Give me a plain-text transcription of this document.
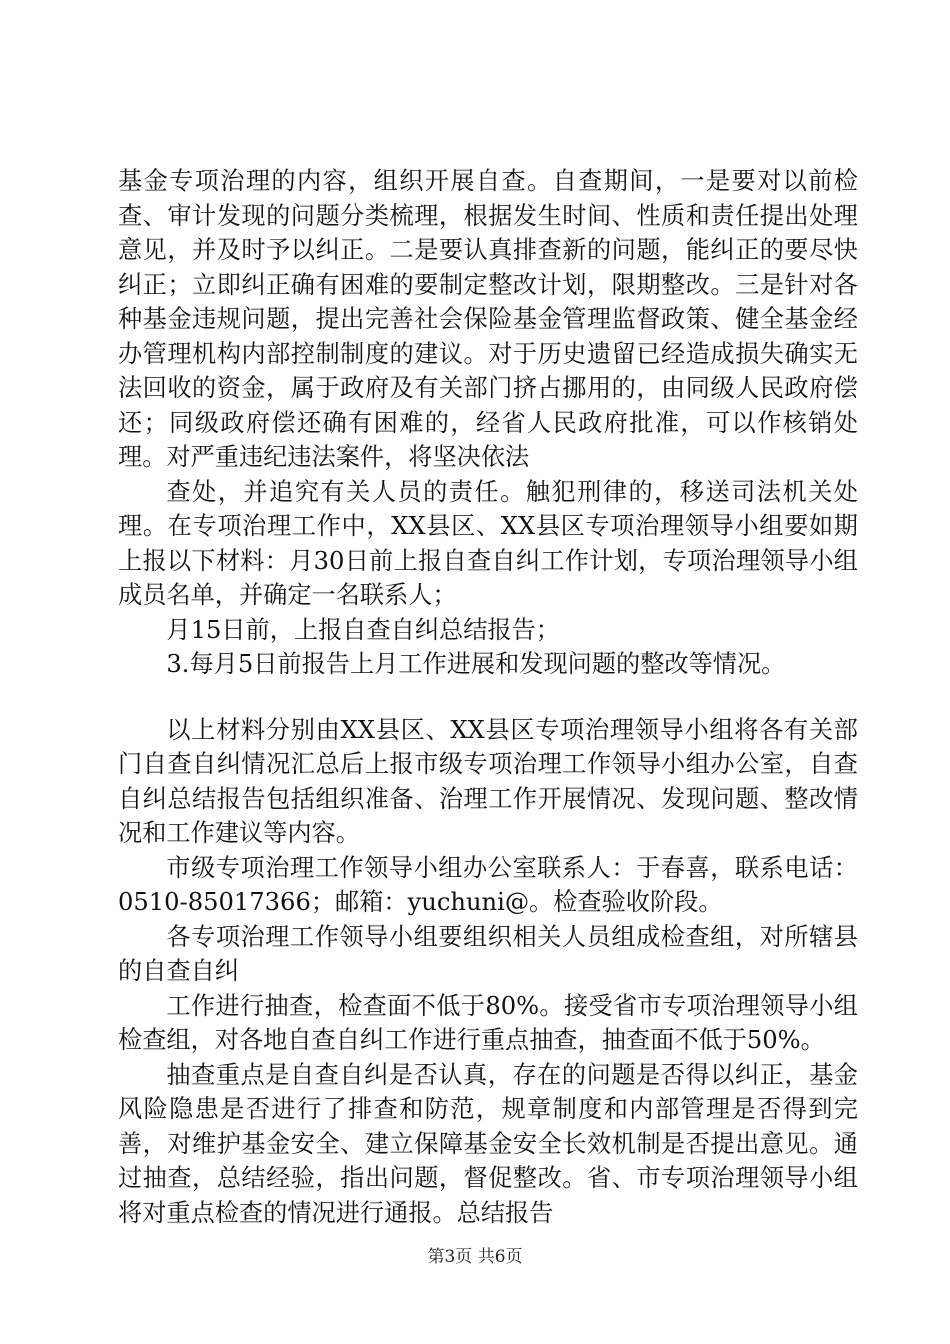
基金专项治理的内容，组织开展自查。自查期间，一是要对以前检查、审计发现的问题分类梳理，根据发生时间、性质和责任提出处理意见，并及时予以纠正。二是要认真排查新的问题，能纠正的要尽快纠正；立即纠正确有困难的要制定整改计划，限期整改。三是针对各种基金违规问题，提出完善社会保险基金管理监督政策、健全基金经办管理机构内部控制制度的建议。对于历史遗留已经造成损失确实无法回收的资金，属于政府及有关部门挤占挪用的，由同级人民政府偿还；同级政府偿还确有困难的，经省人民政府批准，可以作核销处理。对严重违纪违法案件，将坚决依法

查处，并追究有关人员的责任。触犯刑律的，移送司法机关处理。在专项治理工作中，XX县区、XX县区专项治理领导小组要如期上报以下材料：月30日前上报自查自纠工作计划，专项治理领导小组成员名单，并确定一名联系人；

月15日前，上报自查自纠总结报告；

3.每月5日前报告上月工作进展和发现问题的整改等情况。

以上材料分别由XX县区、XX县区专项治理领导小组将各有关部门自查自纠情况汇总后上报市级专项治理工作领导小组办公室，自查自纠总结报告包括组织准备、治理工作开展情况、发现问题、整改情况和工作建议等内容。

市级专项治理工作领导小组办公室联系人：于春喜，联系电话：0510-85017366；邮箱：yuchuni@。检查验收阶段。

各专项治理工作领导小组要组织相关人员组成检查组，对所辖县的自查自纠

工作进行抽查，检查面不低于80%。接受省市专项治理领导小组检查组，对各地自查自纠工作进行重点抽查，抽查面不低于50%。

抽查重点是自查自纠是否认真，存在的问题是否得以纠正，基金风险隐患是否进行了排查和防范，规章制度和内部管理是否得到完善，对维护基金安全、建立保障基金安全长效机制是否提出意见。通过抽查，总结经验，指出问题，督促整改。省、市专项治理领导小组将对重点检查的情况进行通报。总结报告

第3页 共6页
